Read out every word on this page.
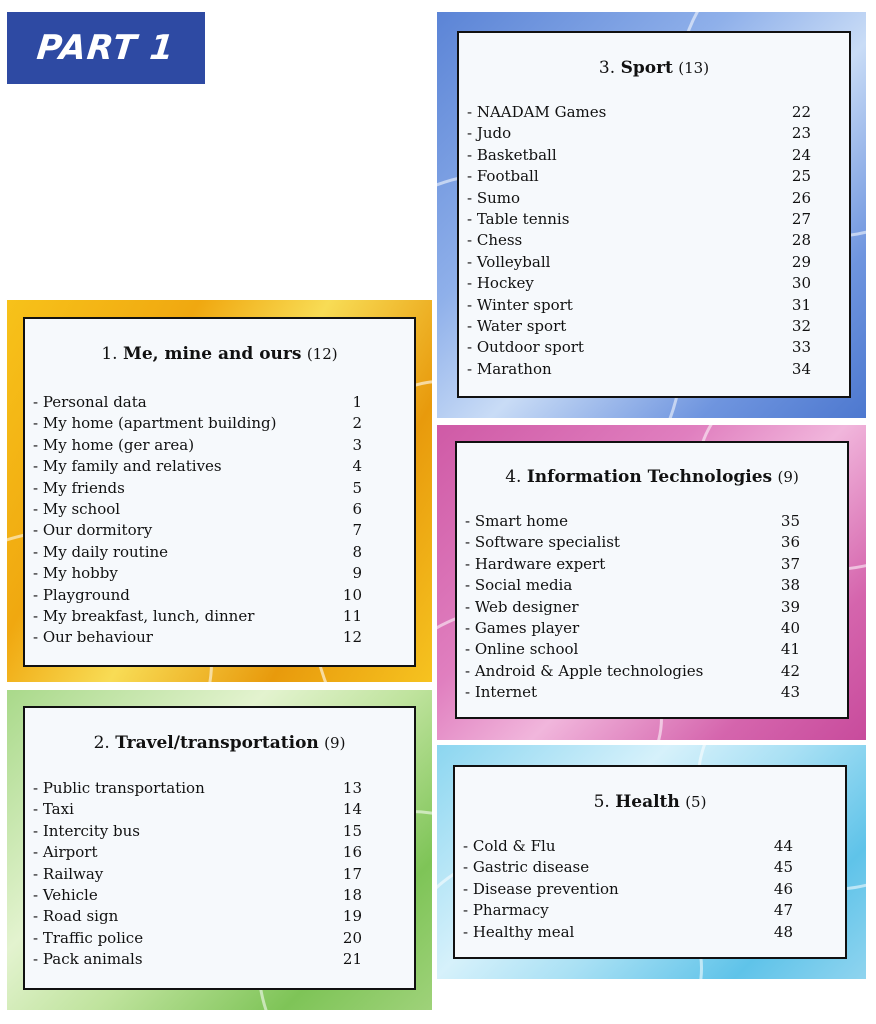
PART 1	3. Sport (13)
- NAADAM Games	22
- Judo	23
- Basketball	24
- Football	25
- Sumo	26
- Table tennis	27
- Chess	28
- Volleyball	29
- Hockey	30
- Winter sport	31
- Water sport	32
- Outdoor sport	33
- Marathon	34
1. Me, mine and ours (12)
- Personal data	1
- My home (apartment building)	2
- My home (ger area)	3
- My family and relatives	4
- My friends	5
- My school	6
- Our dormitory	7
- My daily routine	8
- My hobby	9
- Playground	10
- My breakfast, lunch, dinner	11
- Our behaviour	12
4. Information Technologies (9)
- Smart home	35
- Software specialist	36
- Hardware expert	37
- Social media	38
- Web designer	39
- Games player	40
- Online school	41
- Android & Apple technologies	42
- Internet	43
2. Travel/transportation (9)
- Public transportation	13
- Taxi	14
- Intercity bus	15
- Airport	16
- Railway	17
- Vehicle	18
- Road sign	19
- Traffic police	20
- Pack animals	21
5. Health (5)
- Cold & Flu	44
- Gastric disease	45
- Disease prevention	46
- Pharmacy	47
- Healthy meal	48
